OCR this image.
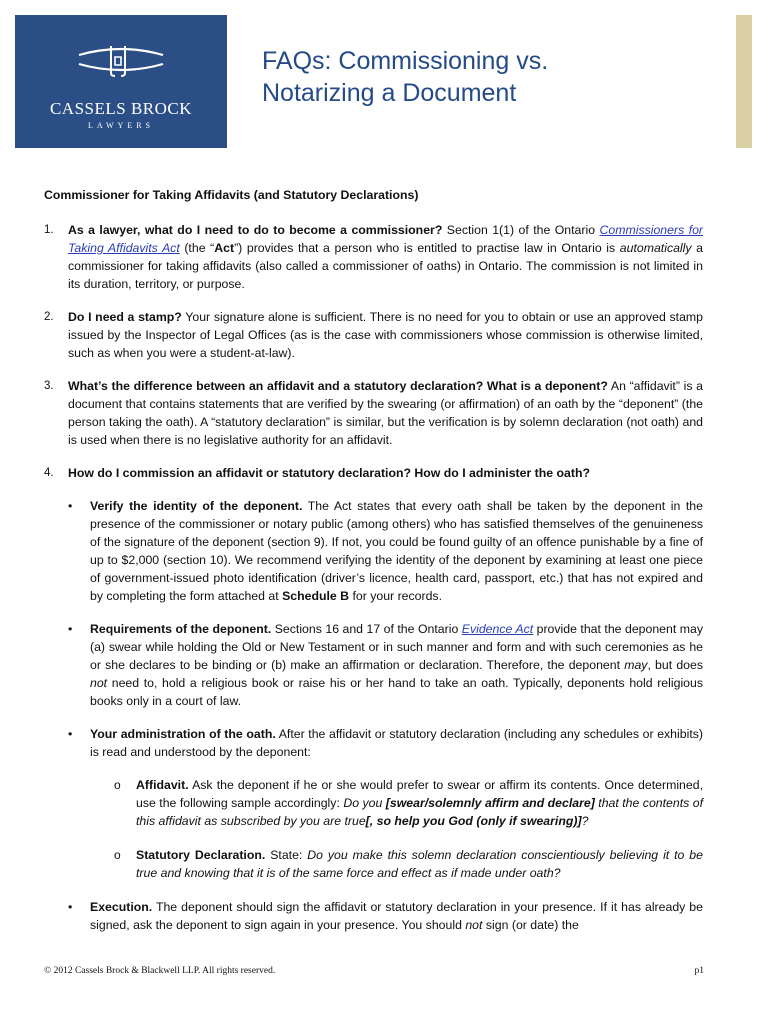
CASSELS BROCK
LAWYERS
FAQs: Commissioning vs.
Notarizing a Document

Commissioner for Taking Affidavits (and Statutory Declarations)

1. As a lawyer, what do I need to do to become a commissioner? Section 1(1) of the Ontario Commissioners for Taking Affidavits Act (the “Act”) provides that a person who is entitled to practise law in Ontario is automatically a commissioner for taking affidavits (also called a commissioner of oaths) in Ontario. The commission is not limited in its duration, territory, or purpose.

2. Do I need a stamp? Your signature alone is sufficient. There is no need for you to obtain or use an approved stamp issued by the Inspector of Legal Offices (as is the case with commissioners whose commission is otherwise limited, such as when you were a student-at-law).

3. What’s the difference between an affidavit and a statutory declaration? What is a deponent? An “affidavit” is a document that contains statements that are verified by the swearing (or affirmation) of an oath by the “deponent” (the person taking the oath). A “statutory declaration” is similar, but the verification is by solemn declaration (not oath) and is used when there is no legislative authority for an affidavit.

4. How do I commission an affidavit or statutory declaration? How do I administer the oath?

• Verify the identity of the deponent. The Act states that every oath shall be taken by the deponent in the presence of the commissioner or notary public (among others) who has satisfied themselves of the genuineness of the signature of the deponent (section 9). If not, you could be found guilty of an offence punishable by a fine of up to $2,000 (section 10). We recommend verifying the identity of the deponent by examining at least one piece of government-issued photo identification (driver’s licence, health card, passport, etc.) that has not expired and by completing the form attached at Schedule B for your records.
• Requirements of the deponent. Sections 16 and 17 of the Ontario Evidence Act provide that the deponent may (a) swear while holding the Old or New Testament or in such manner and form and with such ceremonies as he or she declares to be binding or (b) make an affirmation or declaration. Therefore, the deponent may, but does not need to, hold a religious book or raise his or her hand to take an oath. Typically, deponents hold religious books only in a court of law.
• Your administration of the oath. After the affidavit or statutory declaration (including any schedules or exhibits) is read and understood by the deponent:
o Affidavit. Ask the deponent if he or she would prefer to swear or affirm its contents. Once determined, use the following sample accordingly: Do you [swear/solemnly affirm and declare] that the contents of this affidavit as subscribed by you are true[, so help you God (only if swearing)]?
o Statutory Declaration. State: Do you make this solemn declaration conscientiously believing it to be true and knowing that it is of the same force and effect as if made under oath?
• Execution. The deponent should sign the affidavit or statutory declaration in your presence. If it has already be signed, ask the deponent to sign again in your presence. You should not sign (or date) the
© 2012 Cassels Brock & Blackwell LLP. All rights reserved.	p1
